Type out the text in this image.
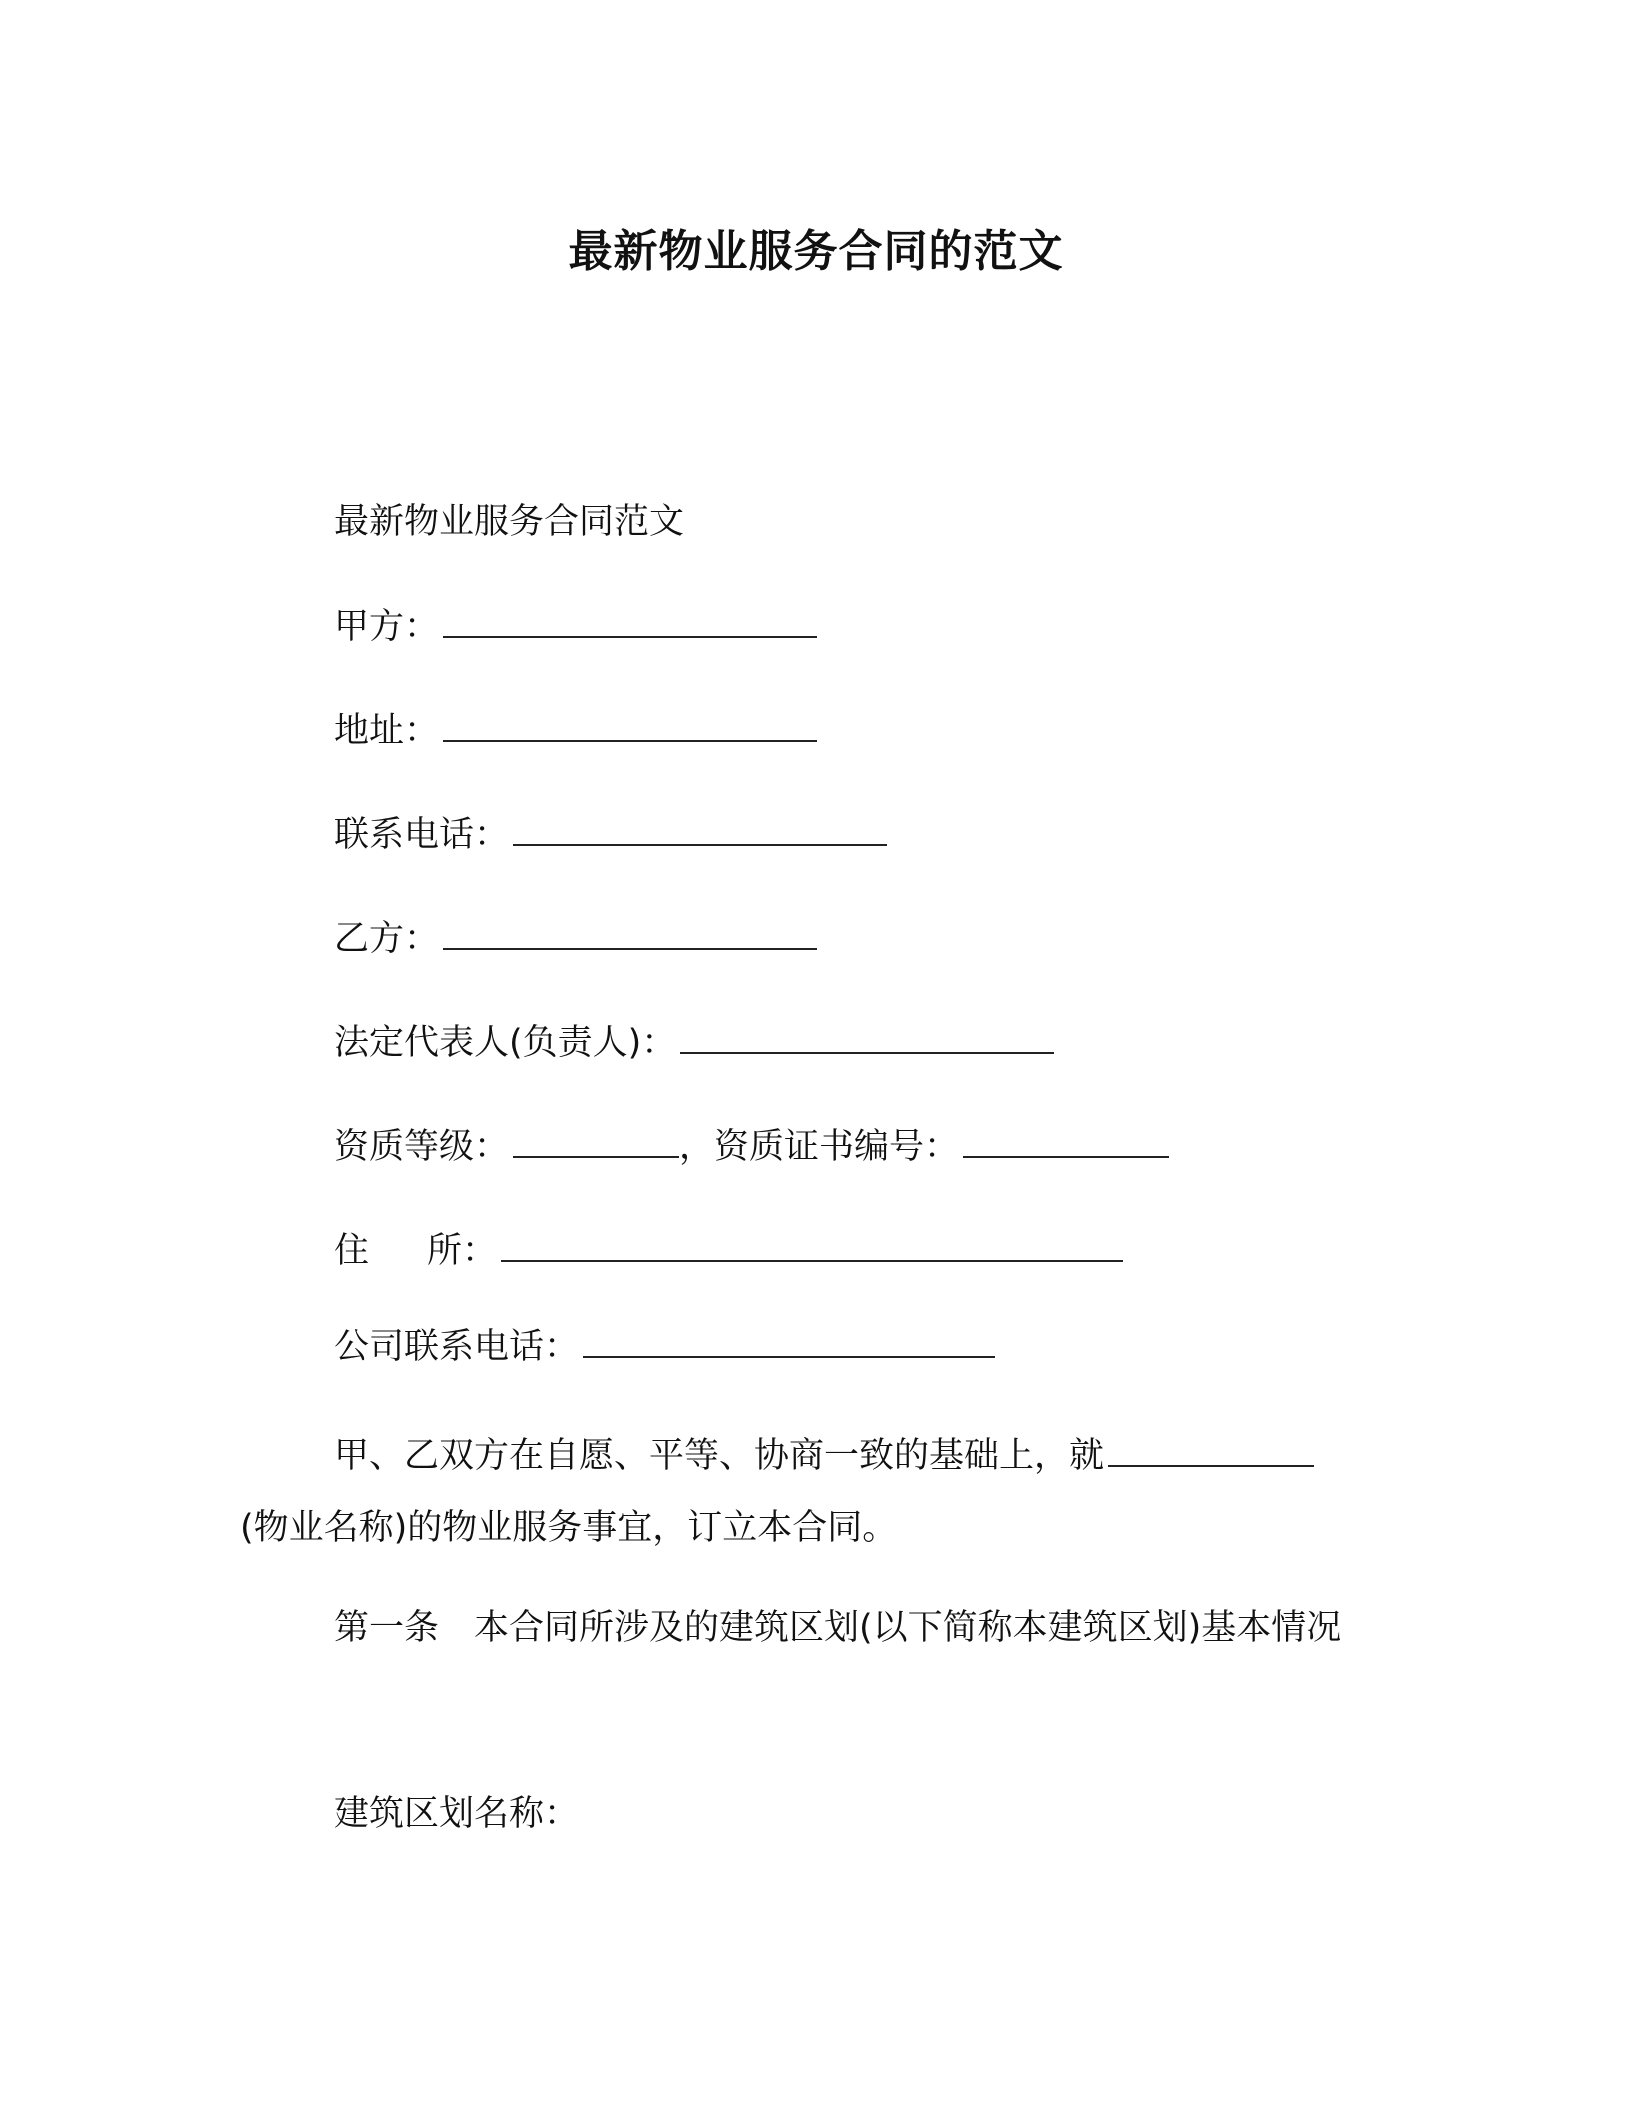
最新物业服务合同的范文
最新物业服务合同范文
甲方：
地址：
联系电话：
乙方：
法定代表人(负责人)：
资质等级：	，资质证书编号：
住 所：
公司联系电话：
甲、乙双方在自愿、平等、协商一致的基础上，就(物业名称)的物业服务事宜，订立本合同。
第一条　本合同所涉及的建筑区划(以下简称本建筑区划)基本情况
建筑区划名称：
